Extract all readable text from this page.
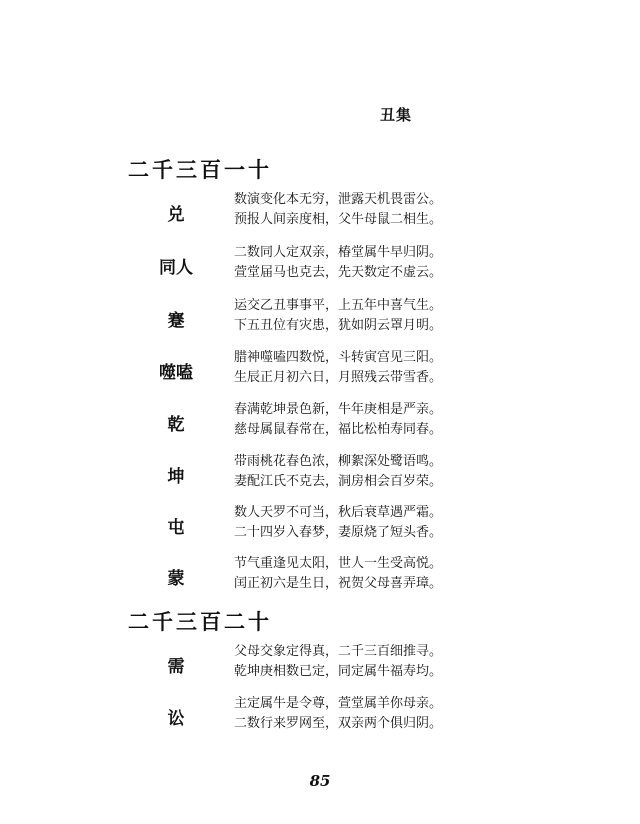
丑集
二千三百一十
兑
数演变化本无穷，泄露天机畏雷公。
预报人间亲度相，父牛母鼠二相生。
同人
二数同人定双亲，椿堂属牛早归阴。
萱堂届马也克去，先天数定不虚云。
蹇
运交乙丑事事平，上五年中喜气生。
下五丑位有灾患，犹如阴云罩月明。
噬嗑
腊神噬嗑四数悦，斗转寅宫见三阳。
生辰正月初六日，月照残云带雪香。
乾
春满乾坤景色新，牛年庚相是严亲。
慈母属鼠春常在，福比松柏寿同春。
坤
带雨桃花春色浓，柳絮深处鹭语鸣。
妻配江氏不克去，洞房相会百岁荣。
屯
数人天罗不可当，秋后衰草遇严霜。
二十四岁入春梦，妻原烧了短头香。
蒙
节气重逢见太阳，世人一生受高悦。
闰正初六是生日，祝贺父母喜弄璋。
二千三百二十
需
父母交象定得真，二千三百细推寻。
乾坤庚相数已定，同定属牛福寿均。
讼
主定属牛是令尊，萱堂属羊你母亲。
二数行来罗网至，双亲两个俱归阴。
85
